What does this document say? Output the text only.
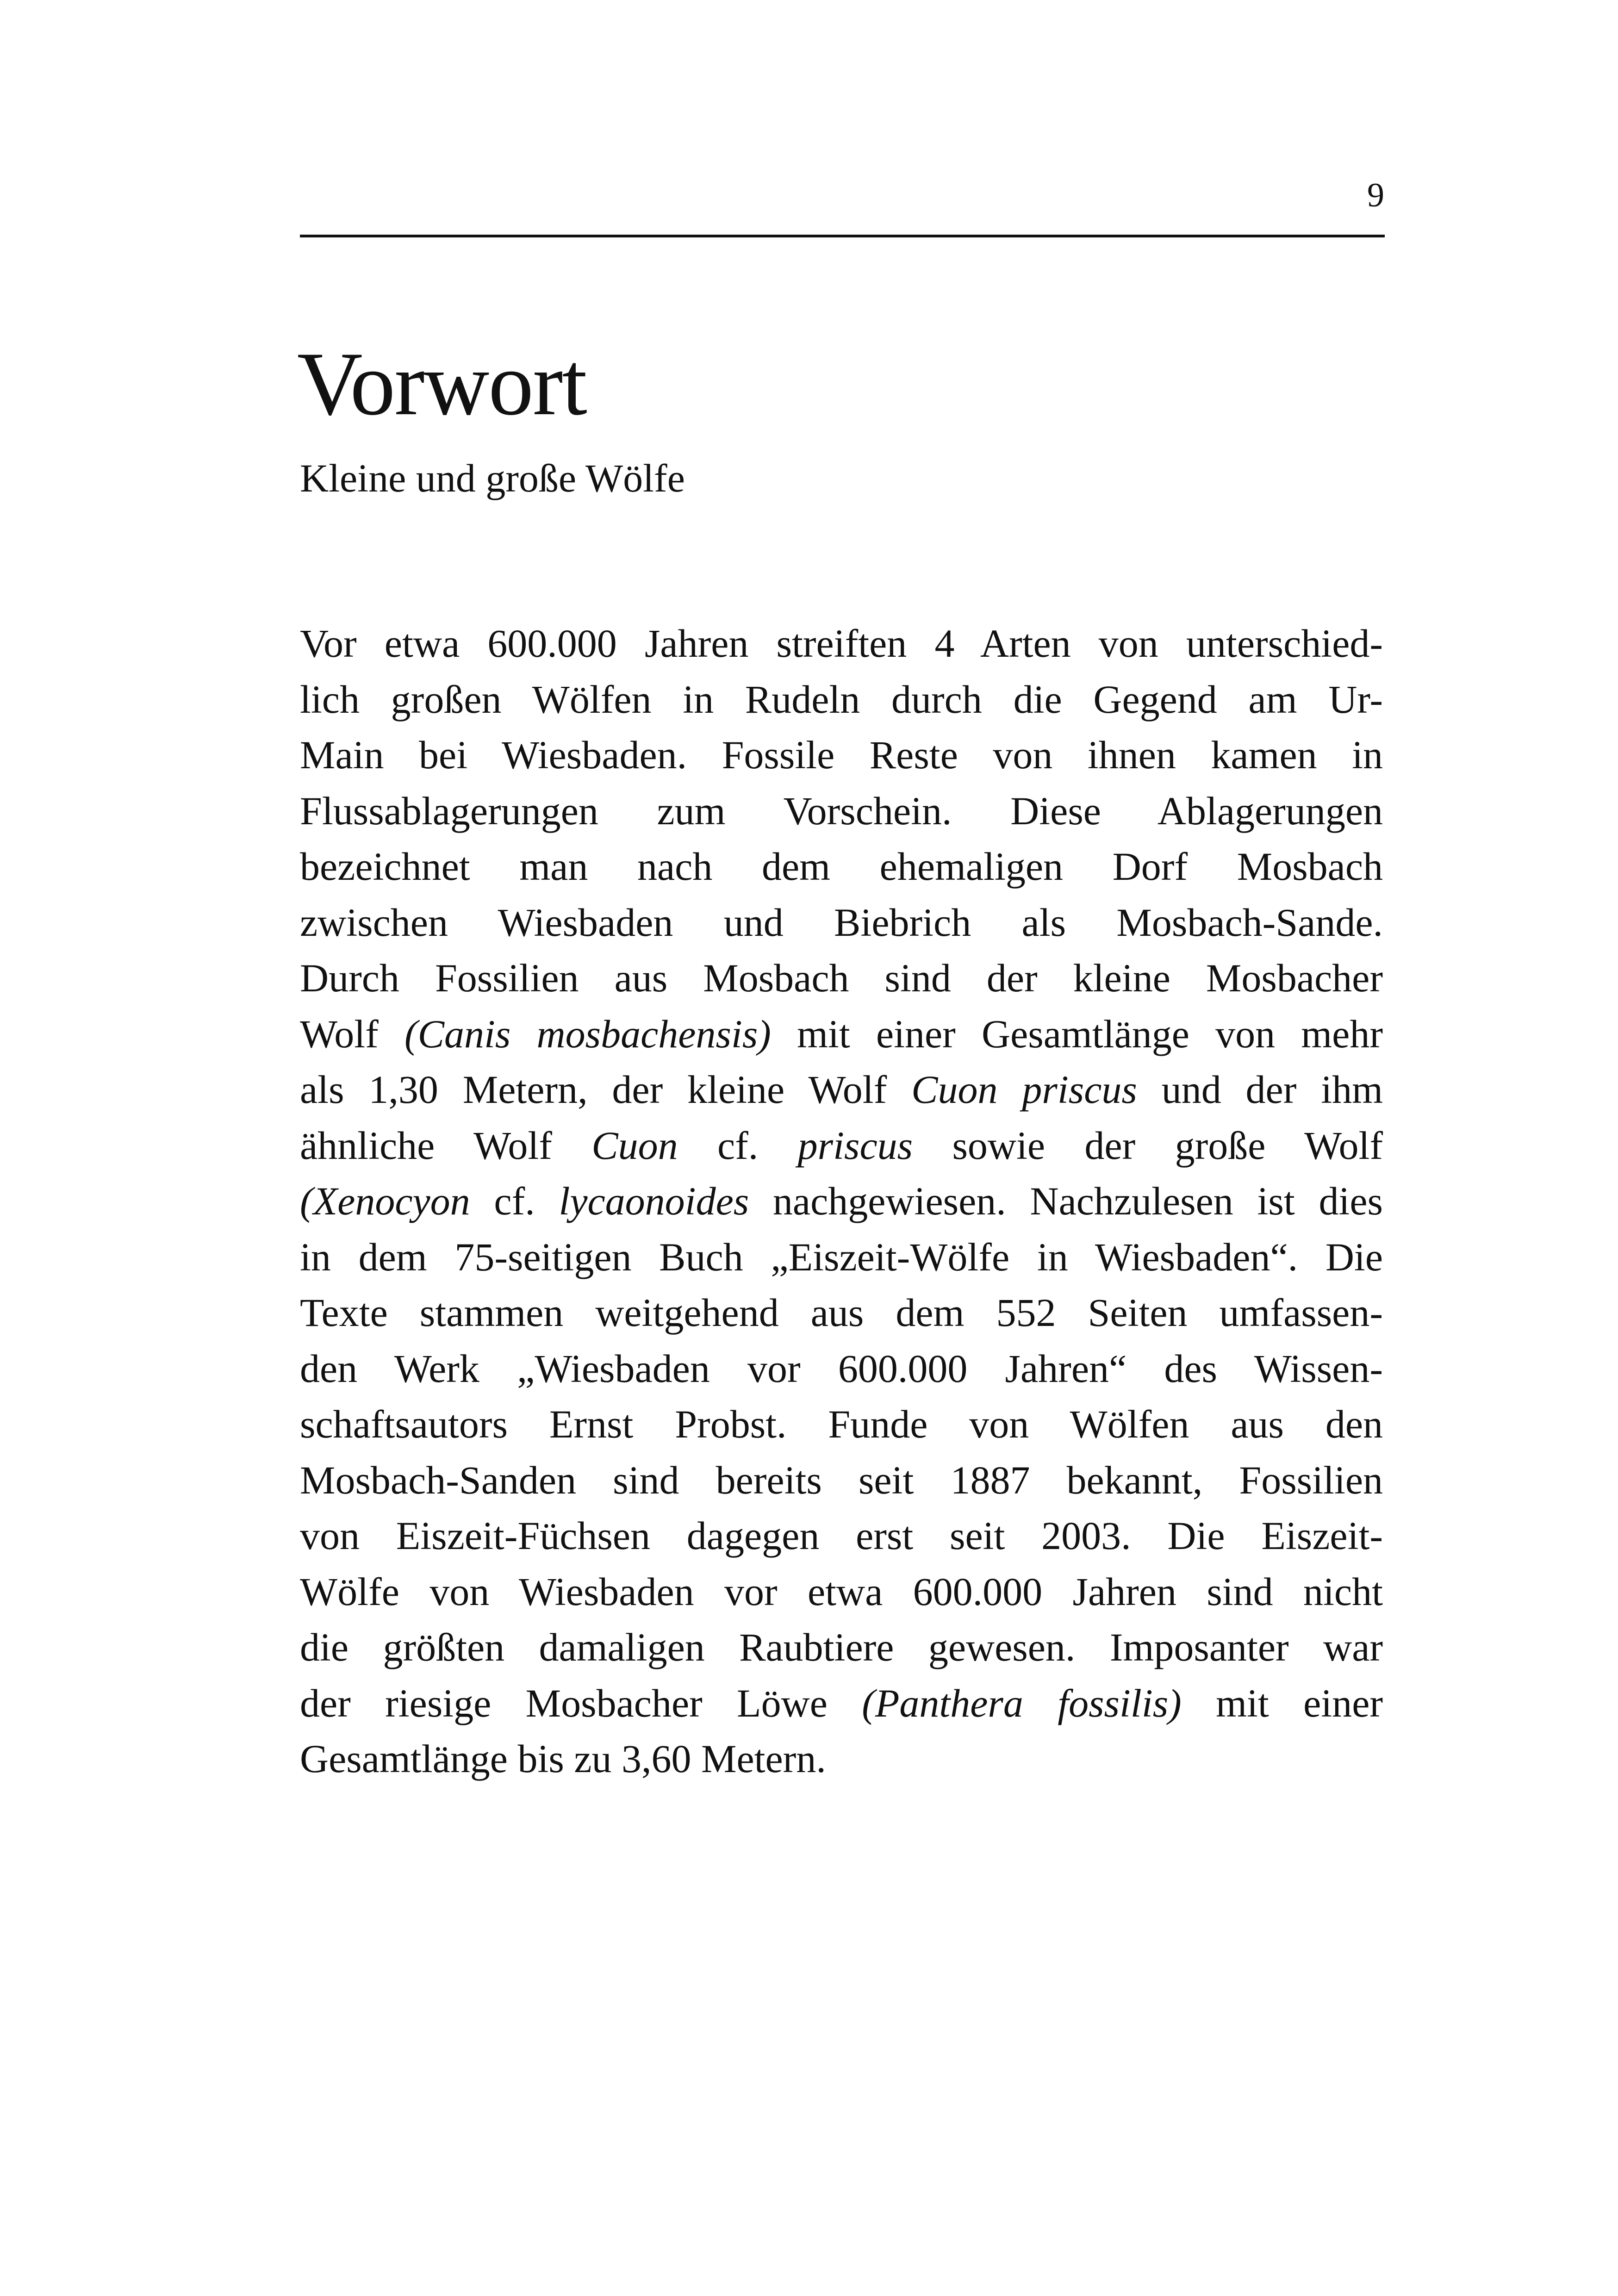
9
Vorwort
Kleine und große Wölfe
Vor etwa 600.000 Jahren streiften 4 Arten von unterschied-
lich großen Wölfen in Rudeln durch die Gegend am Ur-
Main bei Wiesbaden. Fossile Reste von ihnen kamen in
Flussablagerungen zum Vorschein. Diese Ablagerungen
bezeichnet man nach dem ehemaligen Dorf Mosbach
zwischen Wiesbaden und Biebrich als Mosbach-Sande.
Durch Fossilien aus Mosbach sind der kleine Mosbacher
Wolf (Canis mosbachensis) mit einer Gesamtlänge von mehr
als 1,30 Metern, der kleine Wolf Cuon priscus und der ihm
ähnliche Wolf Cuon cf. priscus sowie der große Wolf
(Xenocyon cf. lycaonoides nachgewiesen. Nachzulesen ist dies
in dem 75-seitigen Buch „Eiszeit-Wölfe in Wiesbaden“. Die
Texte stammen weitgehend aus dem 552 Seiten umfassen-
den Werk „Wiesbaden vor 600.000 Jahren“ des Wissen-
schaftsautors Ernst Probst. Funde von Wölfen aus den
Mosbach-Sanden sind bereits seit 1887 bekannt, Fossilien
von Eiszeit-Füchsen dagegen erst seit 2003. Die Eiszeit-
Wölfe von Wiesbaden vor etwa 600.000 Jahren sind nicht
die größten damaligen Raubtiere gewesen. Imposanter war
der riesige Mosbacher Löwe (Panthera fossilis) mit einer
Gesamtlänge bis zu 3,60 Metern.
